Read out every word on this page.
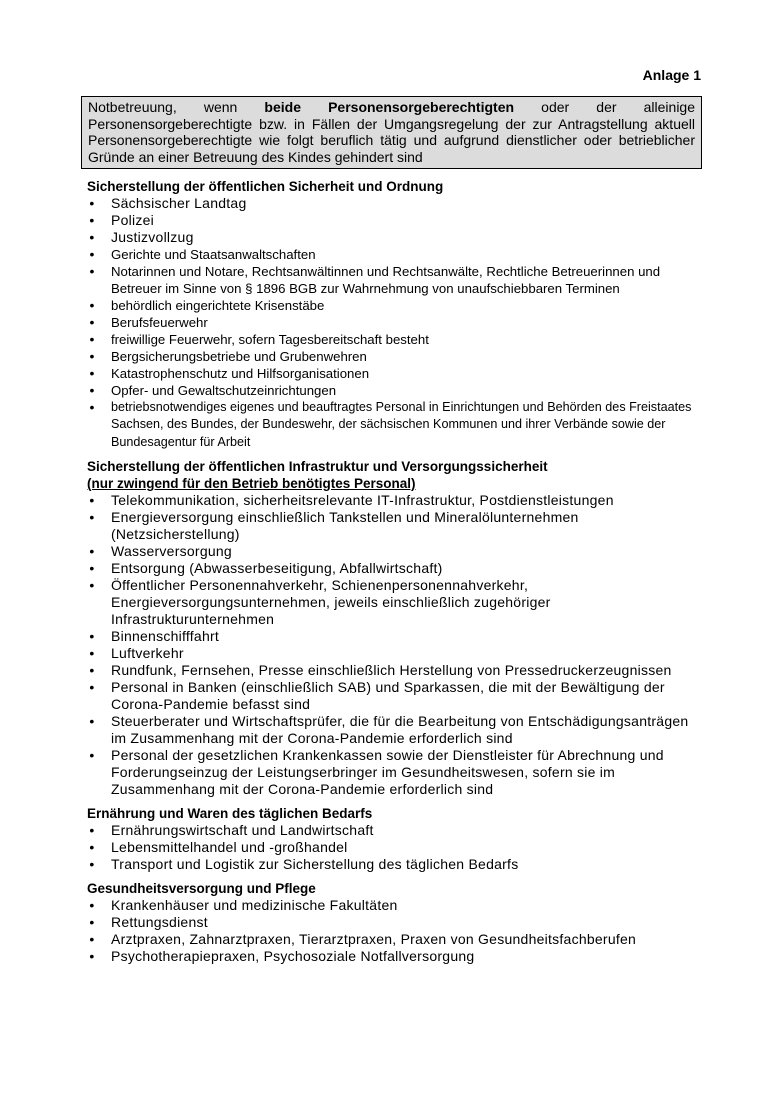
Anlage 1
Notbetreuung, wenn beide Personensorgeberechtigten oder der alleinige Personensorgeberechtigte bzw. in Fällen der Umgangsregelung der zur Antragstellung aktuell Personensorgeberechtigte wie folgt beruflich tätig und aufgrund dienstlicher oder betrieblicher Gründe an einer Betreuung des Kindes gehindert sind
Sicherstellung der öffentlichen Sicherheit und Ordnung
• Sächsischer Landtag
• Polizei
• Justizvollzug
• Gerichte und Staatsanwaltschaften
• Notarinnen und Notare, Rechtsanwältinnen und Rechtsanwälte, Rechtliche Betreuerinnen und Betreuer im Sinne von § 1896 BGB zur Wahrnehmung von unaufschiebbaren Terminen
• behördlich eingerichtete Krisenstäbe
• Berufsfeuerwehr
• freiwillige Feuerwehr, sofern Tagesbereitschaft besteht
• Bergsicherungsbetriebe und Grubenwehren
• Katastrophenschutz und Hilfsorganisationen
• Opfer- und Gewaltschutzeinrichtungen
• betriebsnotwendiges eigenes und beauftragtes Personal in Einrichtungen und Behörden des Freistaates Sachsen, des Bundes, der Bundeswehr, der sächsischen Kommunen und ihrer Verbände sowie der Bundesagentur für Arbeit
Sicherstellung der öffentlichen Infrastruktur und Versorgungssicherheit
(nur zwingend für den Betrieb benötigtes Personal)
• Telekommunikation, sicherheitsrelevante IT-Infrastruktur, Postdienstleistungen
• Energieversorgung einschließlich Tankstellen und Mineralölunternehmen (Netzsicherstellung)
• Wasserversorgung
• Entsorgung (Abwasserbeseitigung, Abfallwirtschaft)
• Öffentlicher Personennahverkehr, Schienenpersonennahverkehr, Energieversorgungsunternehmen, jeweils einschließlich zugehöriger Infrastrukturunternehmen
• Binnenschifffahrt
• Luftverkehr
• Rundfunk, Fernsehen, Presse einschließlich Herstellung von Pressedruckerzeugnissen
• Personal in Banken (einschließlich SAB) und Sparkassen, die mit der Bewältigung der Corona-Pandemie befasst sind
• Steuerberater und Wirtschaftsprüfer, die für die Bearbeitung von Entschädigungsanträgen im Zusammenhang mit der Corona-Pandemie erforderlich sind
• Personal der gesetzlichen Krankenkassen sowie der Dienstleister für Abrechnung und Forderungseinzug der Leistungserbringer im Gesundheitswesen, sofern sie im Zusammenhang mit der Corona-Pandemie erforderlich sind
Ernährung und Waren des täglichen Bedarfs
• Ernährungswirtschaft und Landwirtschaft
• Lebensmittelhandel und -großhandel
• Transport und Logistik zur Sicherstellung des täglichen Bedarfs
Gesundheitsversorgung und Pflege
• Krankenhäuser und medizinische Fakultäten
• Rettungsdienst
• Arztpraxen, Zahnarztpraxen, Tierarztpraxen, Praxen von Gesundheitsfachberufen
• Psychotherapiepraxen, Psychosoziale Notfallversorgung
